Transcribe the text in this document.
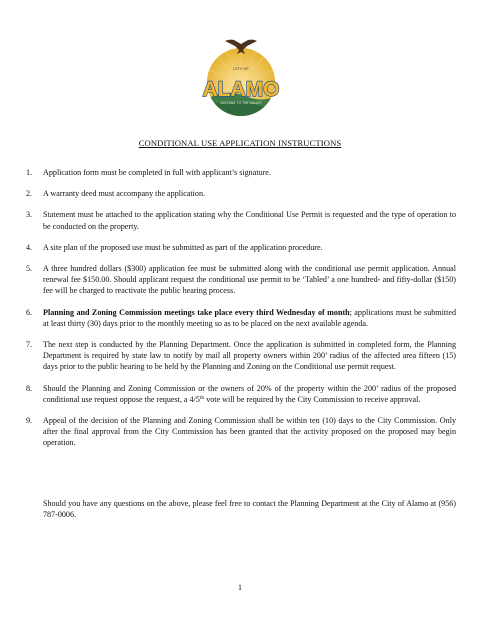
CITY OF
ALAMO
GATEWAY TO THE VALLEY
CONDITIONAL USE APPLICATION INSTRUCTIONS
1.	Application form must be completed in full with applicant’s signature.
2.	A warranty deed must accompany the application.
3.	Statement must be attached to the application stating why the Conditional Use Permit is requested and the type of operation to be conducted on the property.
4.	A site plan of the proposed use must be submitted as part of the application procedure.
5.	A three hundred dollars ($300) application fee must be submitted along with the conditional use permit application. Annual renewal fee $150.00. Should applicant request the conditional use permit to be ‘Tabled’ a one hundred- and fifty-dollar ($150) fee will be charged to reactivate the public hearing process.
6.	Planning and Zoning Commission meetings take place every third Wednesday of month; applications must be submitted at least thirty (30) days prior to the monthly meeting so as to be placed on the next available agenda.
7.	The next step is conducted by the Planning Department. Once the application is submitted in completed form, the Planning Department is required by state law to notify by mail all property owners within 200’ radius of the affected area fifteen (15) days prior to the public hearing to be held by the Planning and Zoning on the Conditional use permit request.
8.	Should the Planning and Zoning Commission or the owners of 20% of the property within the 200’ radius of the proposed conditional use request oppose the request, a 4/5th vote will be required by the City Commission to receive approval.
9.	Appeal of the decision of the Planning and Zoning Commission shall be within ten (10) days to the City Commission. Only after the final approval from the City Commission has been granted that the activity proposed on the proposed may begin operation.
Should you have any questions on the above, please feel free to contact the Planning Department at the City of Alamo at (956) 787-0006.
1
